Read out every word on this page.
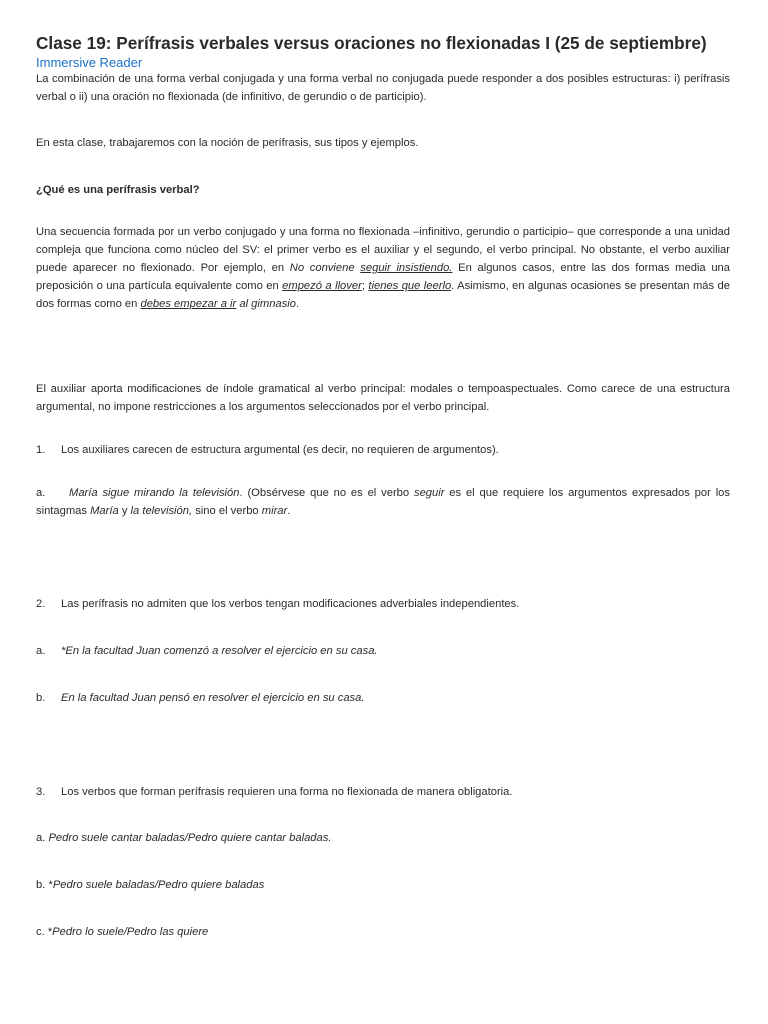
Clase 19: Perífrasis verbales versus oraciones no flexionadas I (25 de septiembre)
Immersive Reader

La combinación de una forma verbal conjugada y una forma verbal no conjugada puede responder a dos posibles estructuras: i) perífrasis verbal o ii) una oración no flexionada (de infinitivo, de gerundio o de participio).

En esta clase, trabajaremos con la noción de perífrasis, sus tipos y ejemplos.

¿Qué es una perífrasis verbal?

Una secuencia formada por un verbo conjugado y una forma no flexionada –infinitivo, gerundio o participio– que corresponde a una unidad compleja que funciona como núcleo del SV: el primer verbo es el auxiliar y el segundo, el verbo principal. No obstante, el verbo auxiliar puede aparecer no flexionado. Por ejemplo, en No conviene seguir insistiendo. En algunos casos, entre las dos formas media una preposición o una partícula equivalente como en empezó a llover; tienes que leerlo. Asimismo, en algunas ocasiones se presentan más de dos formas como en debes empezar a ir al gimnasio.

El auxiliar aporta modificaciones de índole gramatical al verbo principal: modales o tempoaspectuales. Como carece de una estructura argumental, no impone restricciones a los argumentos seleccionados por el verbo principal.

1. Los auxiliares carecen de estructura argumental (es decir, no requieren de argumentos).

a. María sigue mirando la televisión. (Obsérvese que no es el verbo seguir es el que requiere los argumentos expresados por los sintagmas María y la televisión, sino el verbo mirar.

2. Las perífrasis no admiten que los verbos tengan modificaciones adverbiales independientes.

a. *En la facultad Juan comenzó a resolver el ejercicio en su casa.

b. En la facultad Juan pensó en resolver el ejercicio en su casa.

3. Los verbos que forman perífrasis requieren una forma no flexionada de manera obligatoria.

a. Pedro suele cantar baladas/Pedro quiere cantar baladas.

b. *Pedro suele baladas/Pedro quiere baladas

c. *Pedro lo suele/Pedro las quiere
